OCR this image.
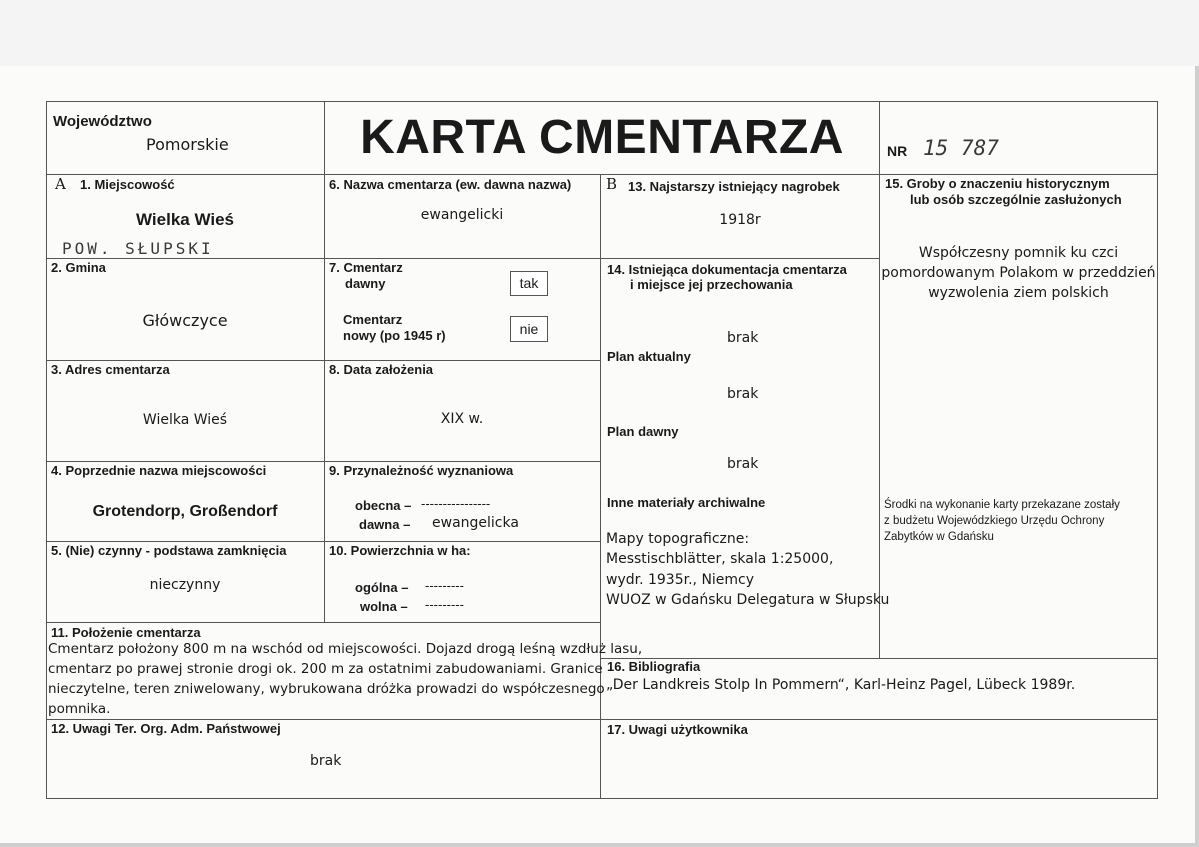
Województwo
Pomorskie	KARTA CMENTARZA	NR 15 787
A 1. Miejscowość
Wielka Wieś
POW. SŁUPSKI
2. Gmina
Główczyce
3. Adres cmentarza
Wielka Wieś
4. Poprzednie nazwa miejscowości
Grotendorp, Großendorf
5. (Nie) czynny - podstawa zamknięcia
nieczynny
6. Nazwa cmentarza (ew. dawna nazwa)
ewangelicki
7. Cmentarz
dawny	tak
Cmentarz
nowy (po 1945 r)	nie
8. Data założenia
XIX w.
9. Przynależność wyznaniowa
obecna – ----------------
dawna – ewangelicka
10. Powierzchnia w ha:
ogólna – ---------
wolna – ---------
B 13. Najstarszy istniejący nagrobek
1918r
14. Istniejąca dokumentacja cmentarza
i miejsce jej przechowania
brak
Plan aktualny
brak
Plan dawny
brak
Inne materiały archiwalne
Mapy topograficzne:
Messtischblätter, skala 1:25000,
wydr. 1935r., Niemcy
WUOZ w Gdańsku Delegatura w Słupsku
15. Groby o znaczeniu historycznym
lub osób szczególnie zasłużonych
Współczesny pomnik ku czci
pomordowanym Polakom w przeddzień
wyzwolenia ziem polskich
Środki na wykonanie karty przekazane zostały
z budżetu Wojewódzkiego Urzędu Ochrony
Zabytków w Gdańsku
11. Położenie cmentarza
Cmentarz położony 800 m na wschód od miejscowości. Dojazd drogą leśną wzdłuż lasu,
cmentarz po prawej stronie drogi ok. 200 m za ostatnimi zabudowaniami. Granice
nieczytelne, teren zniwelowany, wybrukowana dróżka prowadzi do współczesnego
pomnika.
12. Uwagi Ter. Org. Adm. Państwowej
brak
16. Bibliografia
„Der Landkreis Stolp In Pommern“, Karl-Heinz Pagel, Lübeck 1989r.
17. Uwagi użytkownika
